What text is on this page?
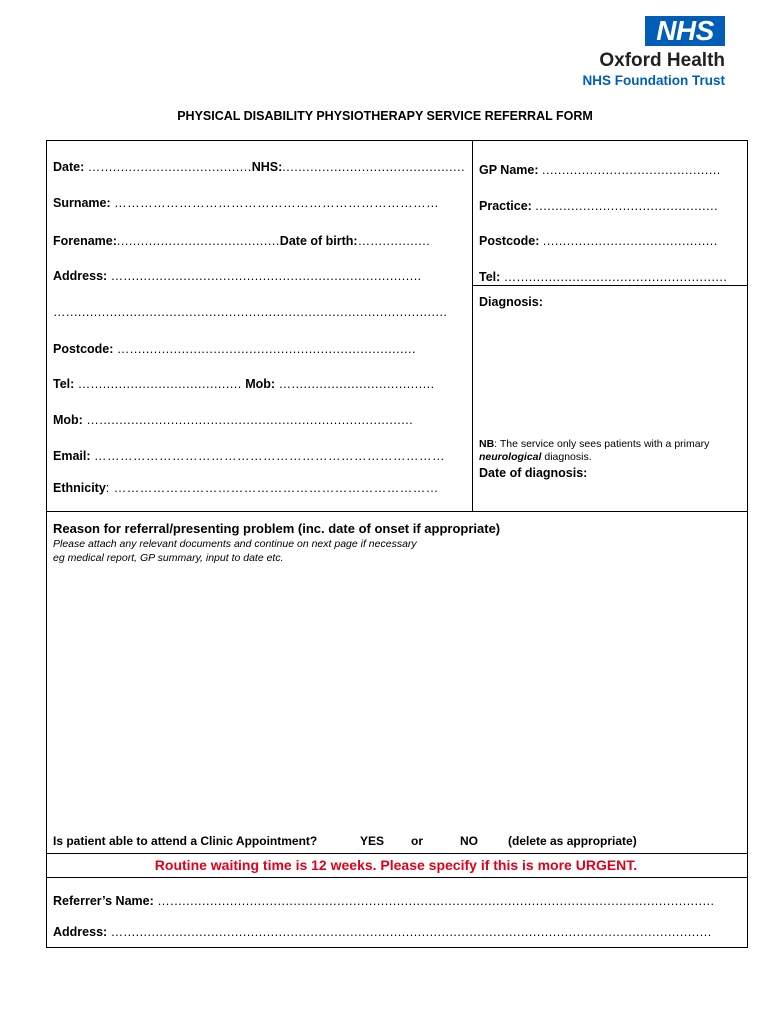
NHS
Oxford Health
NHS Foundation Trust
PHYSICAL DISABILITY PHYSIOTHERAPY SERVICE REFERRAL FORM
Date: …......................................NHS:..............................................
Surname: …………………………………………………………………
Forename:.........................................Date of birth:…...............
Address: …...........................................................................
…................................................................................................
Postcode: …........................................................................
Tel: …...................................... Mob: …....................................
Mob: …...............................................................................
Email: ………………………………………………………………………
Ethnicity: …………………………………………………………………
GP Name: .............................................
Practice: ..............................................
Postcode: ............................................
Tel: ….....................................................
Diagnosis:
NB: The service only sees patients with a primary
neurological diagnosis.
Date of diagnosis:
Reason for referral/presenting problem (inc. date of onset if appropriate)
Please attach any relevant documents and continue on next page if necessary
eg medical report, GP summary, input to date etc.
Is patient able to attend a Clinic Appointment?	YES or	NO	(delete as appropriate)
Routine waiting time is 12 weeks. Please specify if this is more URGENT.
Referrer’s Name: ….........................................................................................................................................
Address: …....................................................................................................................................................
